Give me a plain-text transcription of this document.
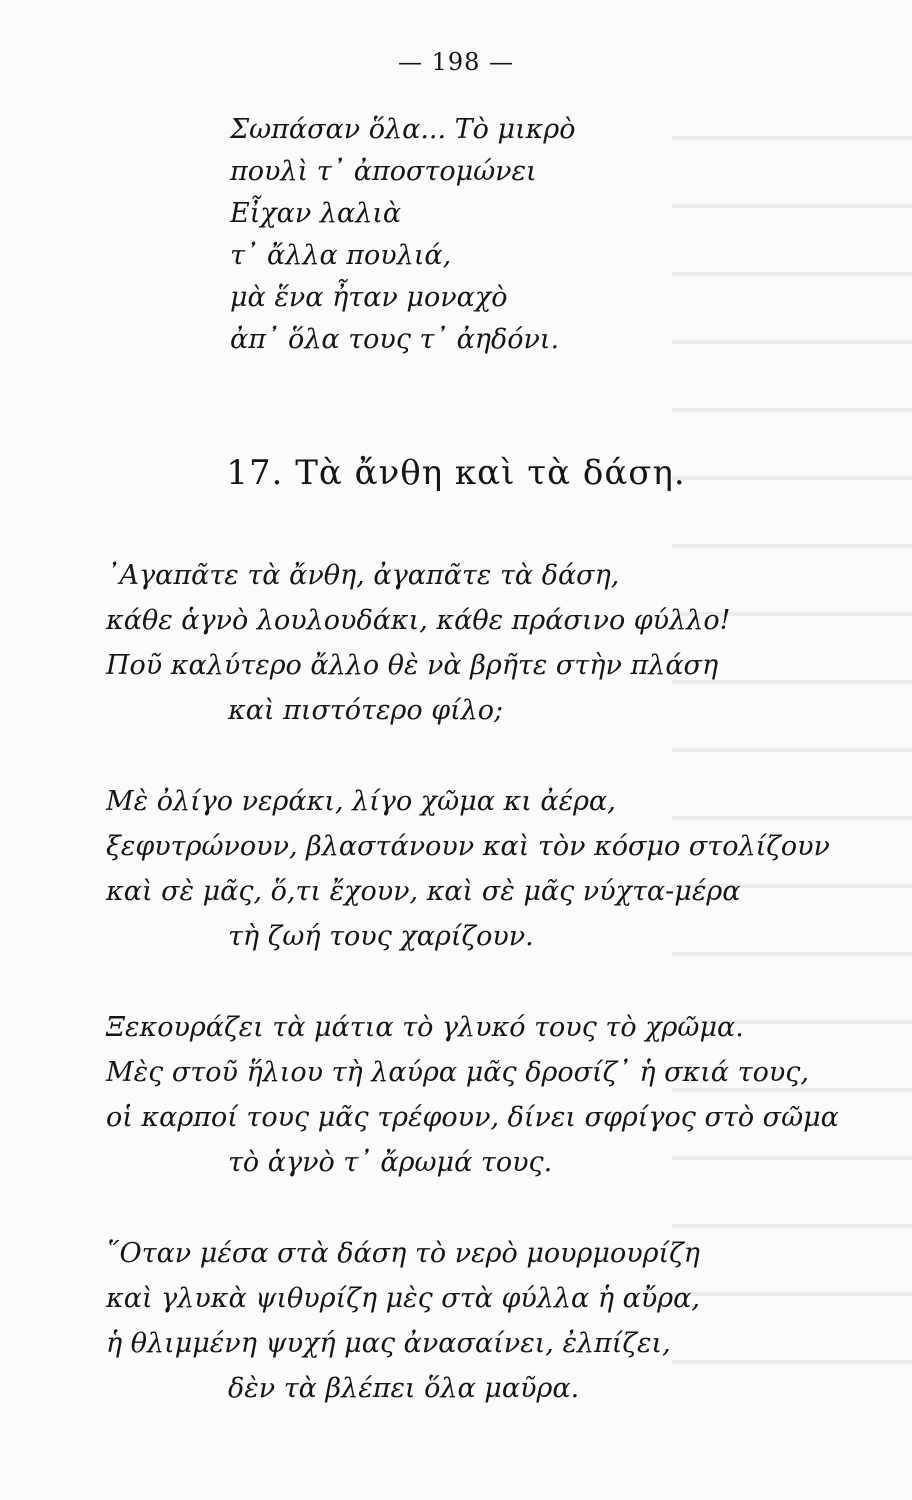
— 198 —
Σωπάσαν ὅλα... Τὸ μικρὸ
πουλὶ τ᾽ ἀποστομώνει
Εἶχαν λαλιὰ
τ᾽ ἄλλα πουλιά,
μὰ ἕνα ἦταν μοναχὸ
ἀπ᾽ ὅλα τους τ᾽ ἀηδόνι.
17. Τὰ ἄνθη καὶ τὰ δάση.
᾽Αγαπᾶτε τὰ ἄνθη, ἀγαπᾶτε τὰ δάση,
κάθε ἁγνὸ λουλουδάκι, κάθε πράσινο φύλλο!
Ποῦ καλύτερο ἄλλο θὲ νὰ βρῆτε στὴν πλάση
καὶ πιστότερο φίλο;
Μὲ ὀλίγο νεράκι, λίγο χῶμα κι ἀέρα,
ξεφυτρώνουν, βλαστάνουν καὶ τὸν κόσμο στολίζουν
καὶ σὲ μᾶς, ὅ,τι ἔχουν, καὶ σὲ μᾶς νύχτα-μέρα
τὴ ζωή τους χαρίζουν.
Ξεκουράζει τὰ μάτια τὸ γλυκό τους τὸ χρῶμα.
Μὲς στοῦ ἥλιου τὴ λαύρα μᾶς δροσίζ᾽ ἡ σκιά τους,
οἱ καρποί τους μᾶς τρέφουν, δίνει σφρίγος στὸ σῶμα
τὸ ἁγνὸ τ᾽ ἄρωμά τους.
῞Οταν μέσα στὰ δάση τὸ νερὸ μουρμουρίζη
καὶ γλυκὰ ψιθυρίζη μὲς στὰ φύλλα ἡ αὔρα,
ἡ θλιμμένη ψυχή μας ἀνασαίνει, ἐλπίζει,
δὲν τὰ βλέπει ὅλα μαῦρα.
